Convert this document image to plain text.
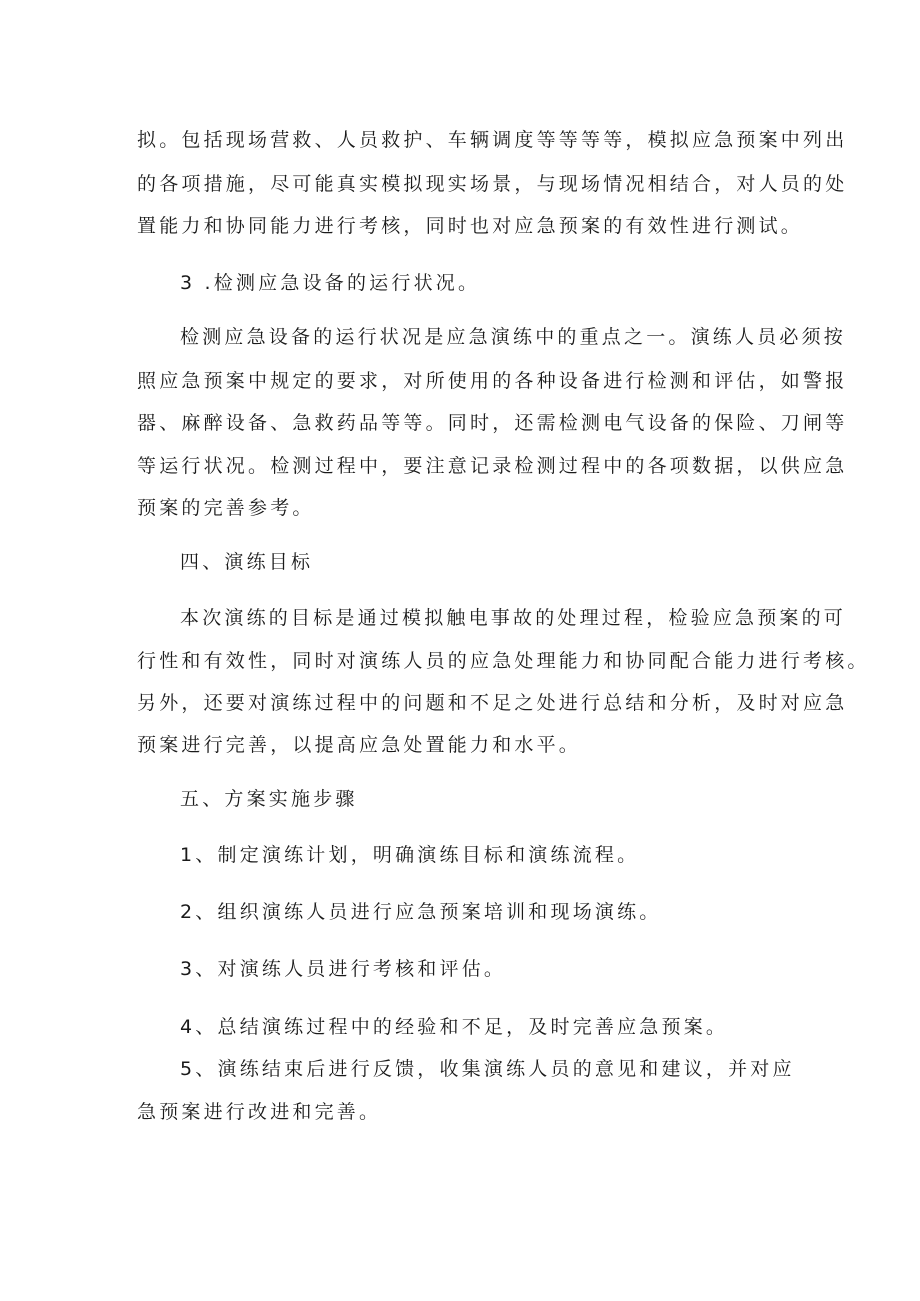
拟。包括现场营救、人员救护、车辆调度等等等等，模拟应急预案中列出

的各项措施，尽可能真实模拟现实场景，与现场情况相结合，对人员的处

置能力和协同能力进行考核，同时也对应急预案的有效性进行测试。

3 .检测应急设备的运行状况。

检测应急设备的运行状况是应急演练中的重点之一。演练人员必须按

照应急预案中规定的要求，对所使用的各种设备进行检测和评估，如警报

器、麻醉设备、急救药品等等。同时，还需检测电气设备的保险、刀闸等

等运行状况。检测过程中，要注意记录检测过程中的各项数据，以供应急

预案的完善参考。

四、演练目标

本次演练的目标是通过模拟触电事故的处理过程，检验应急预案的可

行性和有效性，同时对演练人员的应急处理能力和协同配合能力进行考核。

另外，还要对演练过程中的问题和不足之处进行总结和分析，及时对应急

预案进行完善，以提高应急处置能力和水平。

五、方案实施步骤

1、制定演练计划，明确演练目标和演练流程。

2、组织演练人员进行应急预案培训和现场演练。

3、对演练人员进行考核和评估。

4、总结演练过程中的经验和不足，及时完善应急预案。

5、演练结束后进行反馈，收集演练人员的意见和建议，并对应

急预案进行改进和完善。
